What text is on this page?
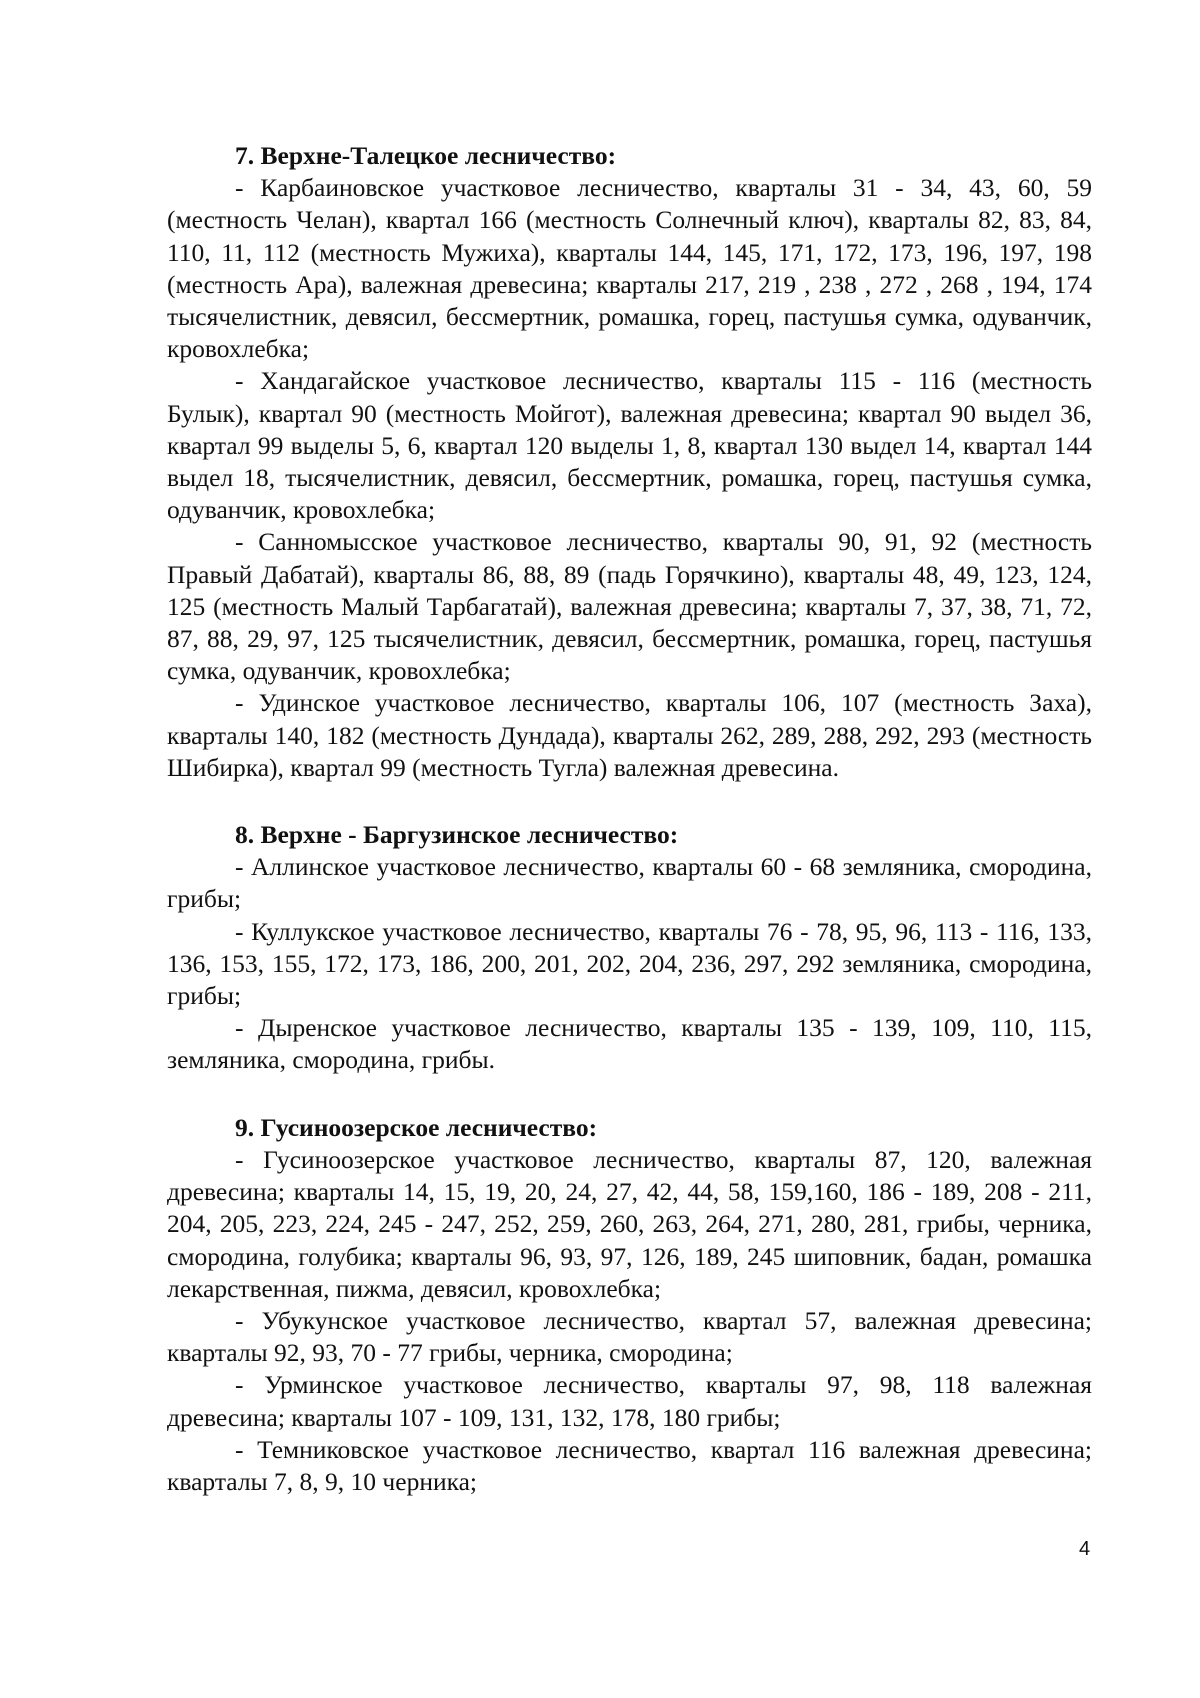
7. Верхне-Талецкое лесничество:

- Карбаиновское участковое лесничество, кварталы 31 - 34, 43, 60, 59 (местность Челан), квартал 166 (местность Солнечный ключ), кварталы 82, 83, 84, 110, 11, 112 (местность Мужиха), кварталы 144, 145, 171, 172, 173, 196, 197, 198 (местность Ара), валежная древесина; кварталы 217, 219 , 238 , 272 , 268 , 194, 174 тысячелистник, девясил, бессмертник, ромашка, горец, пастушья сумка, одуванчик, кровохлебка;

- Хандагайское участковое лесничество, кварталы 115 - 116 (местность Булык), квартал 90 (местность Мойгот), валежная древесина; квартал 90 выдел 36, квартал 99 выделы 5, 6, квартал 120 выделы 1, 8, квартал 130 выдел 14, квартал 144 выдел 18, тысячелистник, девясил, бессмертник, ромашка, горец, пастушья сумка, одуванчик, кровохлебка;

- Санномысское участковое лесничество, кварталы 90, 91, 92 (местность Правый Дабатай), кварталы 86, 88, 89 (падь Горячкино), кварталы 48, 49, 123, 124, 125 (местность Малый Тарбагатай), валежная древесина; кварталы 7, 37, 38, 71, 72, 87, 88, 29, 97, 125 тысячелистник, девясил, бессмертник, ромашка, горец, пастушья сумка, одуванчик, кровохлебка;

- Удинское участковое лесничество, кварталы 106, 107 (местность Заха), кварталы 140, 182 (местность Дундада), кварталы 262, 289, 288, 292, 293 (местность Шибирка), квартал 99 (местность Тугла) валежная древесина.

8. Верхне - Баргузинское лесничество:

- Аллинское участковое лесничество, кварталы 60 - 68 земляника, смородина, грибы;

- Куллукское участковое лесничество, кварталы 76 - 78, 95, 96, 113 - 116, 133, 136, 153, 155, 172, 173, 186, 200, 201, 202, 204, 236, 297, 292 земляника, смородина, грибы;

- Дыренское участковое лесничество, кварталы 135 - 139, 109, 110, 115, земляника, смородина, грибы.

9. Гусиноозерское лесничество:

- Гусиноозерское участковое лесничество, кварталы 87, 120, валежная древесина; кварталы 14, 15, 19, 20, 24, 27, 42, 44, 58, 159,160, 186 - 189, 208 - 211, 204, 205, 223, 224, 245 - 247, 252, 259, 260, 263, 264, 271, 280, 281, грибы, черника, смородина, голубика; кварталы 96, 93, 97, 126, 189, 245 шиповник, бадан, ромашка лекарственная, пижма, девясил, кровохлебка;

- Убукунское участковое лесничество, квартал 57, валежная древесина; кварталы 92, 93, 70 - 77 грибы, черника, смородина;

- Урминское участковое лесничество, кварталы 97, 98, 118 валежная древесина; кварталы 107 - 109, 131, 132, 178, 180 грибы;

- Темниковское участковое лесничество, квартал 116 валежная древесина; кварталы 7, 8, 9, 10 черника;

4
